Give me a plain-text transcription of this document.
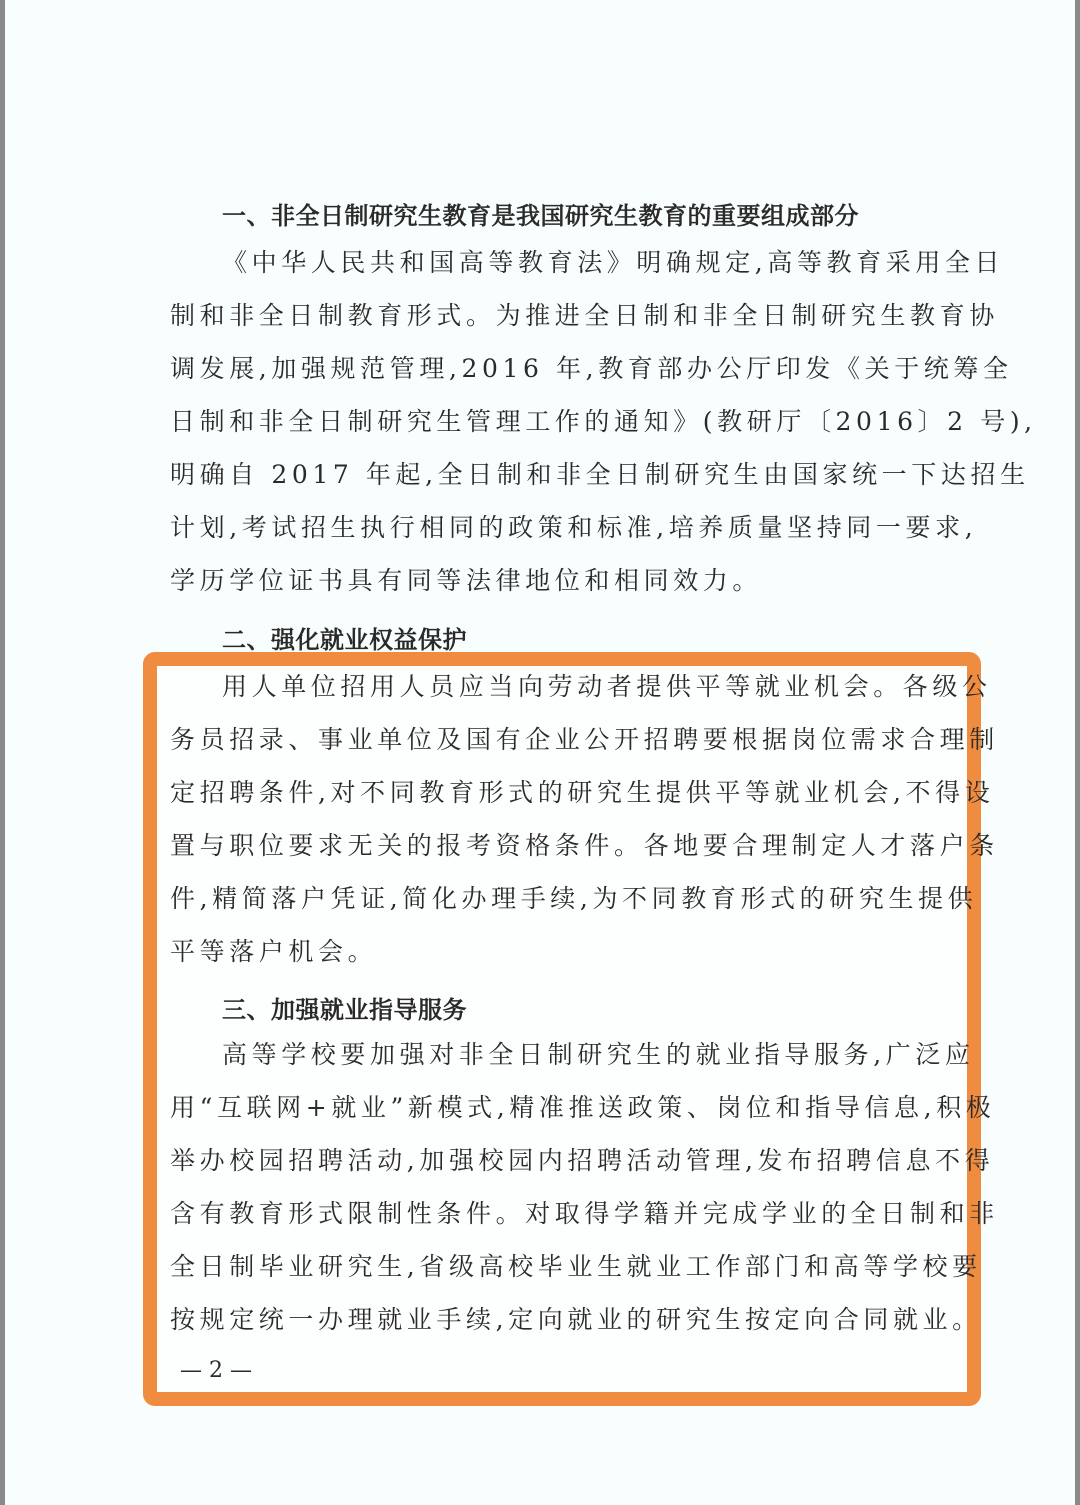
一、非全日制研究生教育是我国研究生教育的重要组成部分
《中华人民共和国高等教育法》明确规定,高等教育采用全日
制和非全日制教育形式。为推进全日制和非全日制研究生教育协
调发展,加强规范管理,2016 年,教育部办公厅印发《关于统筹全
日制和非全日制研究生管理工作的通知》(教研厅〔2016〕2 号),
明确自 2017 年起,全日制和非全日制研究生由国家统一下达招生
计划,考试招生执行相同的政策和标准,培养质量坚持同一要求,
学历学位证书具有同等法律地位和相同效力。
二、强化就业权益保护
用人单位招用人员应当向劳动者提供平等就业机会。各级公
务员招录、事业单位及国有企业公开招聘要根据岗位需求合理制
定招聘条件,对不同教育形式的研究生提供平等就业机会,不得设
置与职位要求无关的报考资格条件。各地要合理制定人才落户条
件,精简落户凭证,简化办理手续,为不同教育形式的研究生提供
平等落户机会。
三、加强就业指导服务
高等学校要加强对非全日制研究生的就业指导服务,广泛应
用“互联网+就业”新模式,精准推送政策、岗位和指导信息,积极
举办校园招聘活动,加强校园内招聘活动管理,发布招聘信息不得
含有教育形式限制性条件。对取得学籍并完成学业的全日制和非
全日制毕业研究生,省级高校毕业生就业工作部门和高等学校要
按规定统一办理就业手续,定向就业的研究生按定向合同就业。
— 2 —
